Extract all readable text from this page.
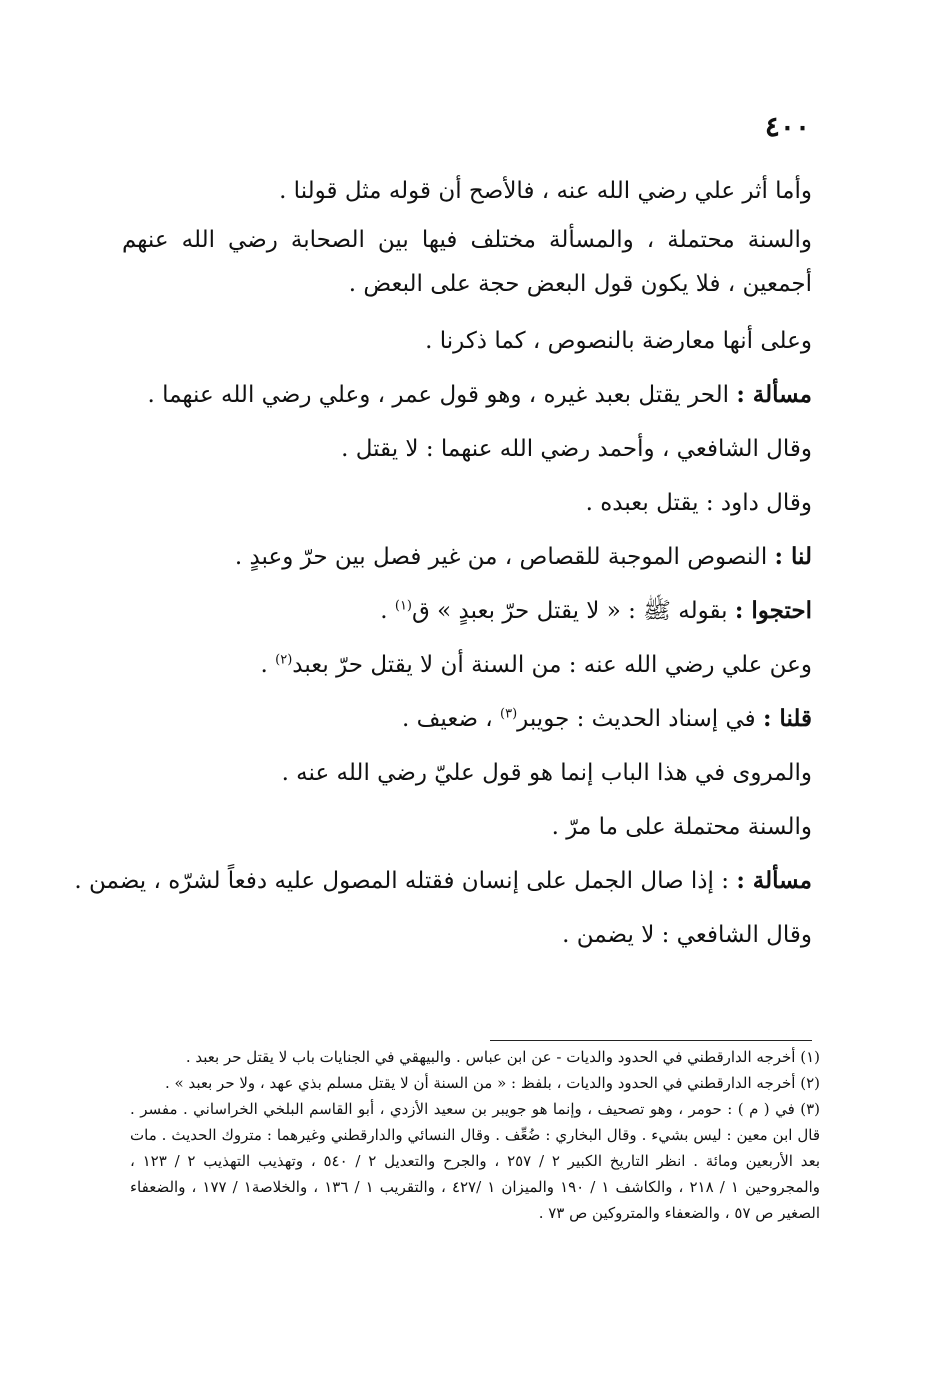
٤٠٠

وأما أثر علي رضي الله عنه ، فالأصح أن قوله مثل قولنا .

والسنة محتملة ، والمسألة مختلف فيها بين الصحابة رضي الله عنهم أجمعين ، فلا يكون قول البعض حجة على البعض .

وعلى أنها معارضة بالنصوص ، كما ذكرنا .

مسألة : الحر يقتل بعبد غيره ، وهو قول عمر ، وعلي رضي الله عنهما .

وقال الشافعي ، وأحمد رضي الله عنهما : لا يقتل .

وقال داود : يقتل بعبده .

لنا : النصوص الموجبة للقصاص ، من غير فصل بين حرّ وعبدٍ .

احتجوا : بقوله ﷺ : « لا يقتل حرّ بعبدٍ » ق$^{(١)}$ .

وعن علي رضي الله عنه : من السنة أن لا يقتل حرّ بعبد$^{(٢)}$ .

قلنا : في إسناد الحديث : جويبر$^{(٣)}$ ، ضعيف .

والمروى في هذا الباب إنما هو قول عليّ رضي الله عنه .

والسنة محتملة على ما مرّ .

مسألة : : إذا صال الجمل على إنسان فقتله المصول عليه دفعاً لشرّه ، يضمن .

وقال الشافعي : لا يضمن .

(١) أخرجه الدارقطني في الحدود والديات - عن ابن عباس . والبيهقي في الجنايات باب لا يقتل حر بعبد .

(٢) أخرجه الدارقطني في الحدود والديات ، بلفظ : « من السنة أن لا يقتل مسلم بذي عهد ، ولا حر بعبد » .

(٣) في ( م ) : حومر ، وهو تصحيف ، وإنما هو جويبر بن سعيد الأزدي ، أبو القاسم البلخي الخراساني . مفسر . قال ابن معين : ليس بشيء . وقال البخاري : ضُعِّف . وقال النسائي والدارقطني وغيرهما : متروك الحديث . مات بعد الأربعين ومائة . انظر التاريخ الكبير ٢ / ٢٥٧ ، والجرح والتعديل ٢ / ٥٤٠ ، وتهذيب التهذيب ٢ / ١٢٣ ، والمجروحين ١ / ٢١٨ ، والكاشف ١ / ١٩٠ والميزان ١ /٤٢٧ ، والتقريب ١ / ١٣٦ ، والخلاصة١ / ١٧٧ ، والضعفاء الصغير ص ٥٧ ، والضعفاء والمتروكين ص ٧٣ .
